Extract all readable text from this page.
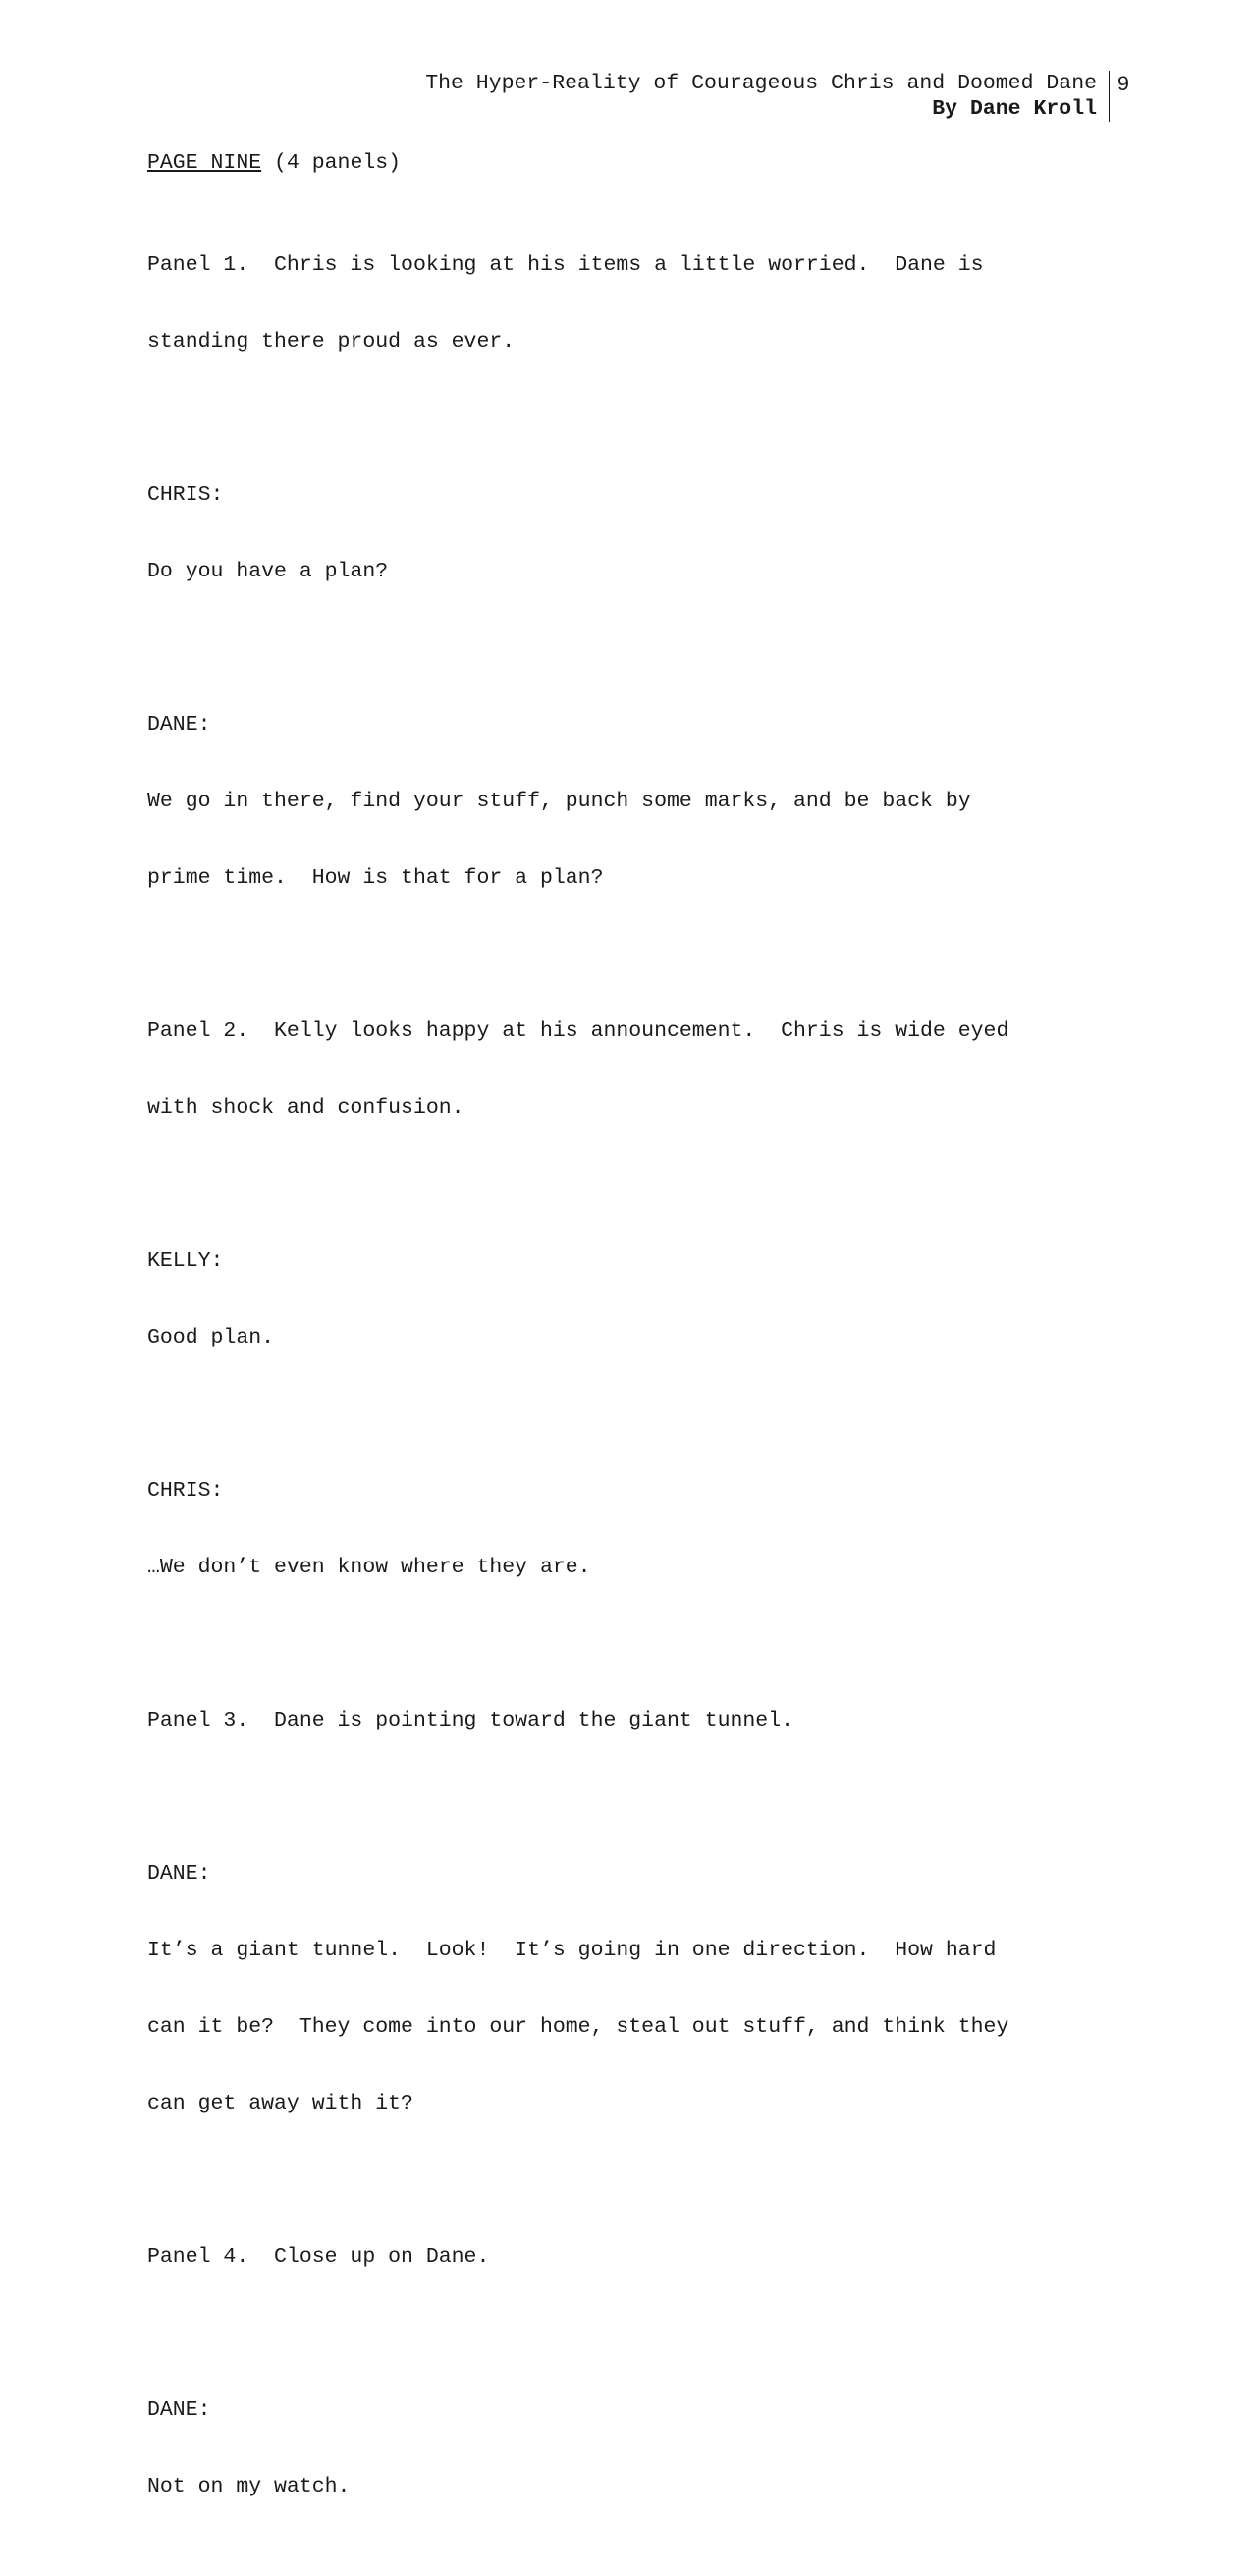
The Hyper-Reality of Courageous Chris and Doomed Dane
By Dane Kroll
9
PAGE NINE (4 panels)

Panel 1.  Chris is looking at his items a little worried.  Dane is

standing there proud as ever.

CHRIS:

Do you have a plan?

DANE:

We go in there, find your stuff, punch some marks, and be back by

prime time.  How is that for a plan?

Panel 2.  Kelly looks happy at his announcement.  Chris is wide eyed

with shock and confusion.

KELLY:

Good plan.

CHRIS:

…We don’t even know where they are.

Panel 3.  Dane is pointing toward the giant tunnel.

DANE:

It’s a giant tunnel.  Look!  It’s going in one direction.  How hard

can it be?  They come into our home, steal out stuff, and think they

can get away with it?

Panel 4.  Close up on Dane.

DANE:

Not on my watch.
